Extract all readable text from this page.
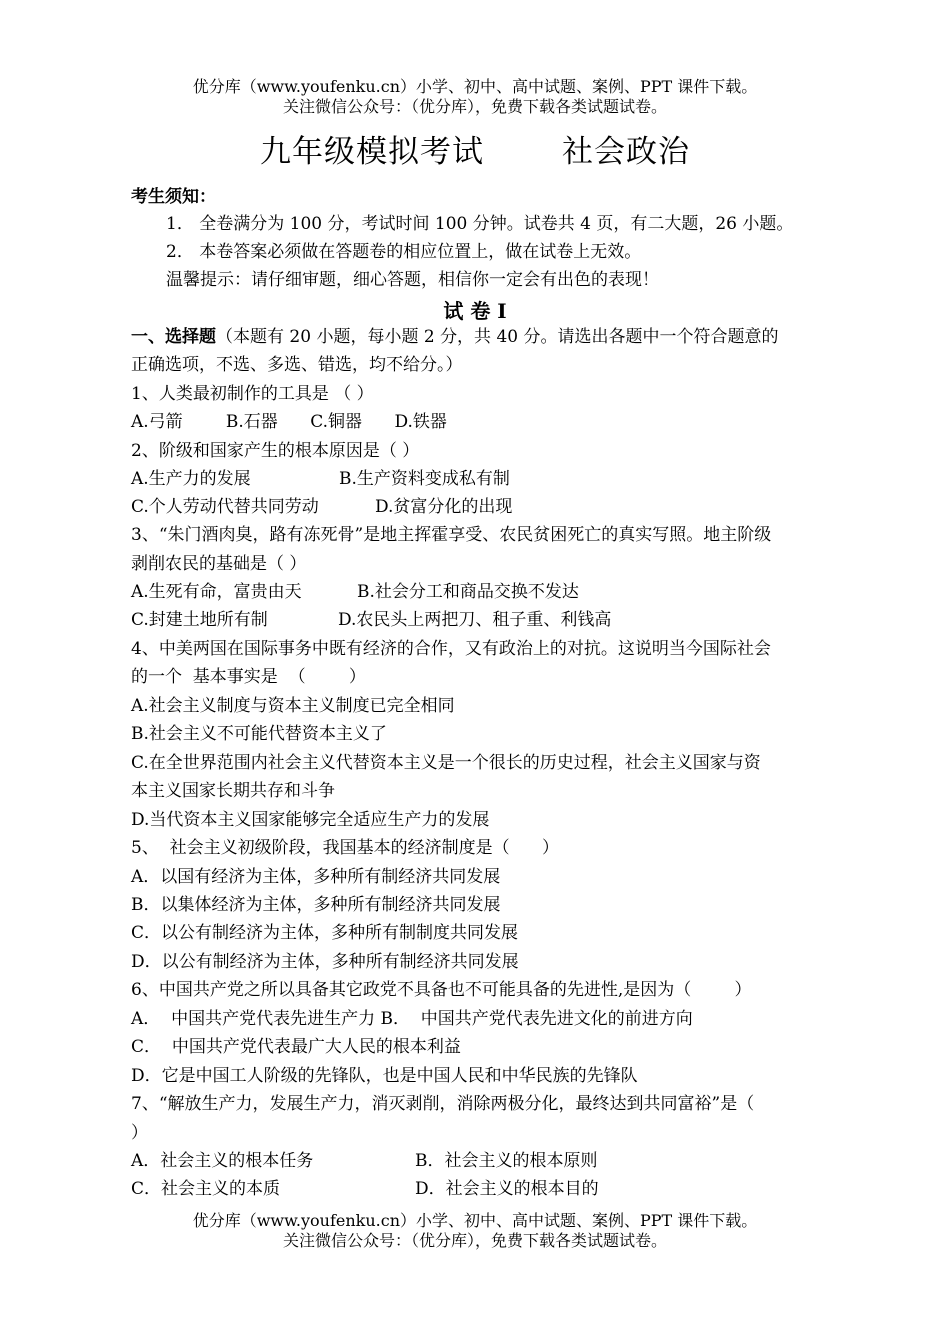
优分库（www.youfenku.cn）小学、初中、高中试题、案例、PPT 课件下载。
关注微信公众号：（优分库），免费下载各类试题试卷。
九年级模拟考试	社会政治
考生须知：
1． 全卷满分为 100 分，考试时间 100 分钟。试卷共 4 页，有二大题，26 小题。
2． 本卷答案必须做在答题卷的相应位置上，做在试卷上无效。
温馨提示：请仔细审题，细心答题，相信你一定会有出色的表现！
试 卷 Ⅰ
一、选择题（本题有 20 小题，每小题 2 分，共 40 分。请选出各题中一个符合题意的
正确选项，不选、多选、错选，均不给分。）
1、人类最初制作的工具是 （ ）
A.弓箭        B.石器      C.铜器      D.铁器
2、阶级和国家产生的根本原因是（ ）
A.生产力的发展	B.生产资料变成私有制
C.个人劳动代替共同劳动	D.贫富分化的出现
3、“朱门酒肉臭，路有冻死骨”是地主挥霍享受、农民贫困死亡的真实写照。地主阶级
剥削农民的基础是（ ）
A.生死有命，富贵由天	B.社会分工和商品交换不发达
C.封建土地所有制	D.农民头上两把刀、租子重、利钱高
4、中美两国在国际事务中既有经济的合作，又有政治上的对抗。这说明当今国际社会
的一个  基本事实是  （        ）
A.社会主义制度与资本主义制度已完全相同
B.社会主义不可能代替资本主义了
C.在全世界范围内社会主义代替资本主义是一个很长的历史过程，社会主义国家与资
本主义国家长期共存和斗争
D.当代资本主义国家能够完全适应生产力的发展
5、  社会主义初级阶段，我国基本的经济制度是（      ）
A．以国有经济为主体，多种所有制经济共同发展
B．以集体经济为主体，多种所有制经济共同发展
C．以公有制经济为主体，多种所有制制度共同发展
D．以公有制经济为主体，多种所有制经济共同发展
6、中国共产党之所以具备其它政党不具备也不可能具备的先进性,是因为（        ）
A．  中国共产党代表先进生产力 B．  中国共产党代表先进文化的前进方向
C．  中国共产党代表最广大人民的根本利益
D．它是中国工人阶级的先锋队，也是中国人民和中华民族的先锋队
7、“解放生产力，发展生产力，消灭剥削，消除两极分化，最终达到共同富裕”是（
）
A．社会主义的根本任务	B．社会主义的根本原则
C．社会主义的本质	D．社会主义的根本目的
优分库（www.youfenku.cn）小学、初中、高中试题、案例、PPT 课件下载。
关注微信公众号：（优分库），免费下载各类试题试卷。
